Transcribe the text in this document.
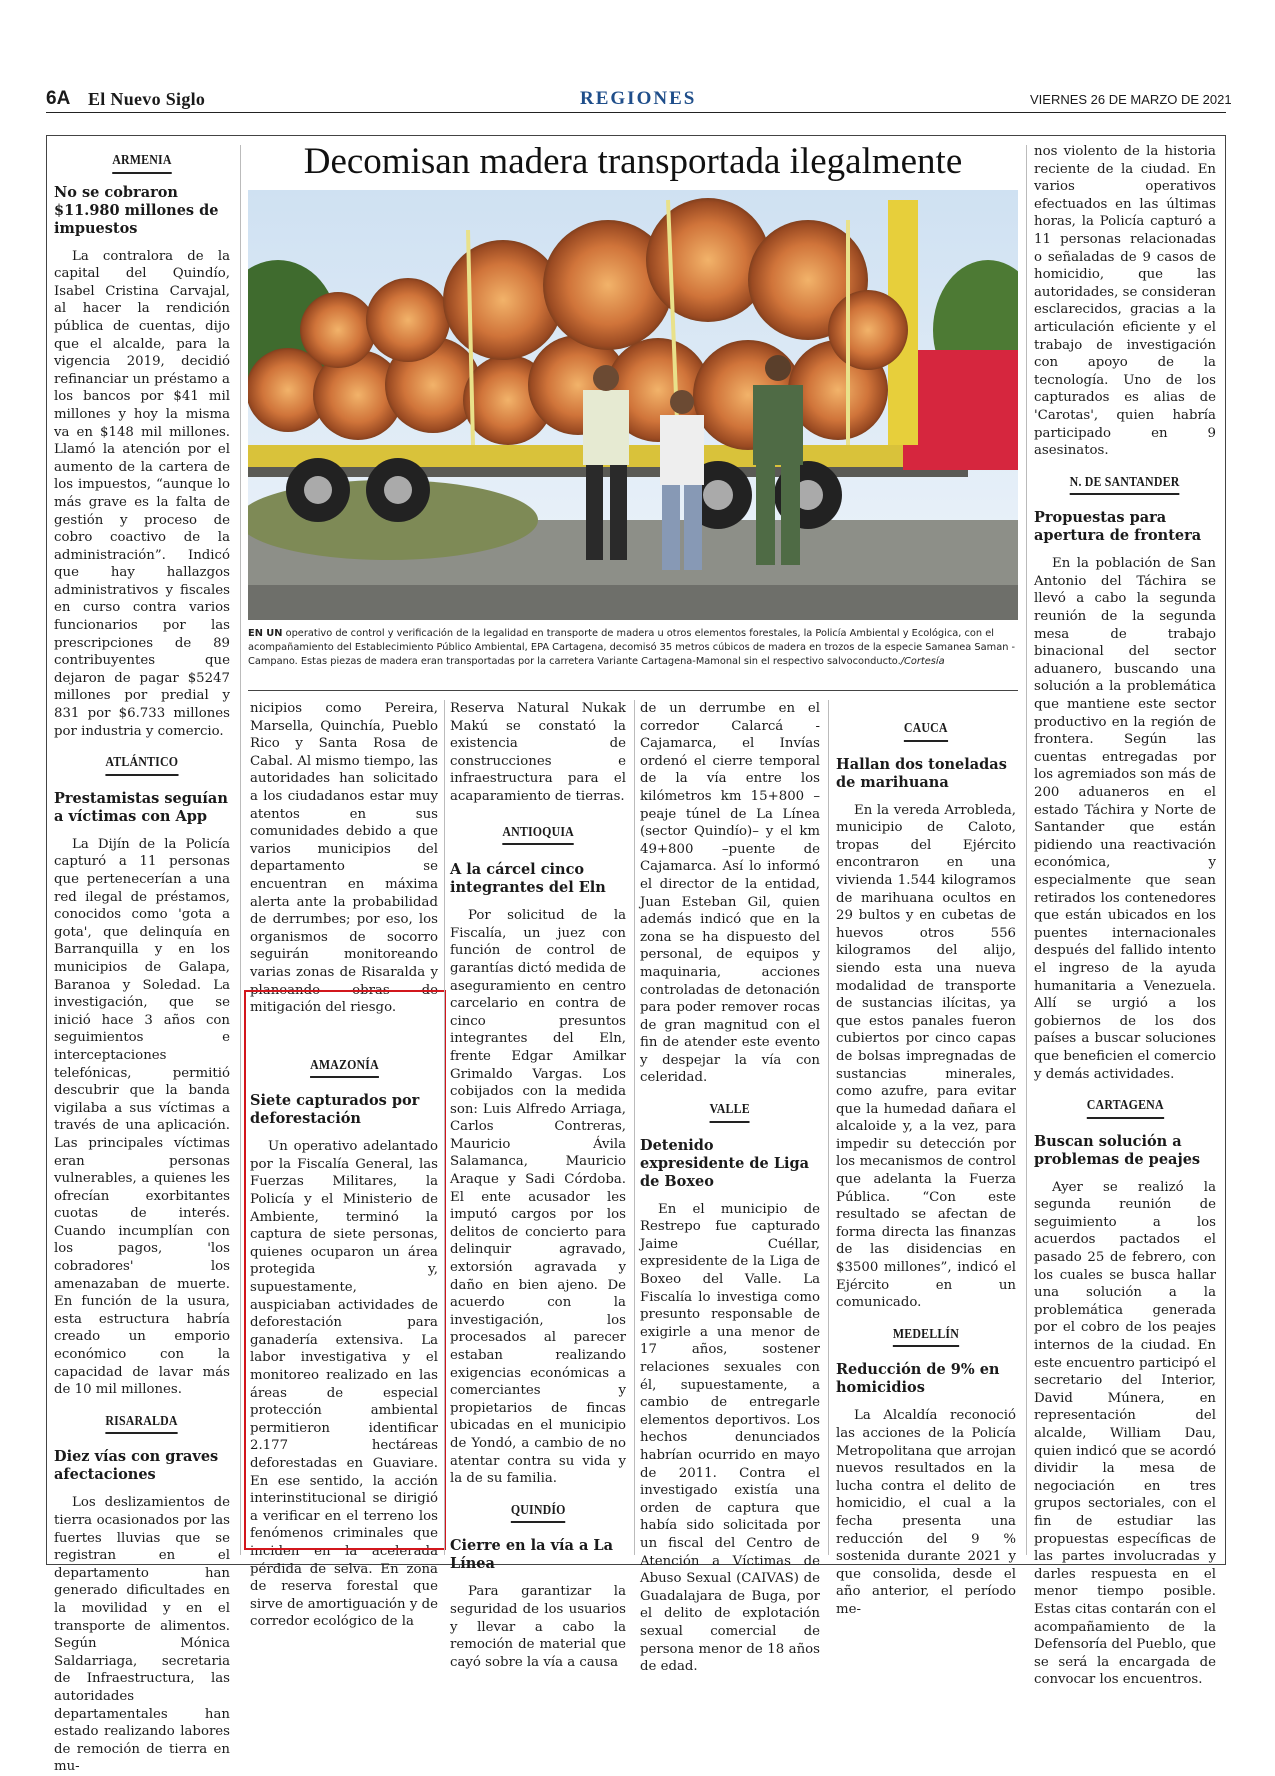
6A El Nuevo Siglo	REGIONES	VIERNES 26 DE MARZO DE 2021
ARMENIA
No se cobraron $11.980 millones de impuestos

La contralora de la capital del Quindío, Isabel Cristina Carvajal, al hacer la rendición pública de cuentas, dijo que el alcalde, para la vigencia 2019, decidió refinanciar un préstamo a los bancos por $41 mil millones y hoy la misma va en $148 mil millones. Llamó la atención por el aumento de la cartera de los impuestos, “aunque lo más grave es la falta de gestión y proceso de cobro coactivo de la administración”. Indicó que hay hallazgos administrativos y fiscales en curso contra varios funcionarios por las prescripciones de 89 contribuyentes que dejaron de pagar $5247 millones por predial y 831 por $6.733 millones por industria y comercio.

ATLÁNTICO
Prestamistas seguían a víctimas con App

La Dijín de la Policía capturó a 11 personas que pertenecerían a una red ilegal de préstamos, conocidos como 'gota a gota', que delinquía en Barranquilla y en los municipios de Galapa, Baranoa y Soledad. La investigación, que se inició hace 3 años con seguimientos e interceptaciones telefónicas, permitió descubrir que la banda vigilaba a sus víctimas a través de una aplicación. Las principales víctimas eran personas vulnerables, a quienes les ofrecían exorbitantes cuotas de interés. Cuando incumplían con los pagos, 'los cobradores' los amenazaban de muerte. En función de la usura, esta estructura habría creado un emporio económico con la capacidad de lavar más de 10 mil millones.

RISARALDA
Diez vías con graves afectaciones

Los deslizamientos de tierra ocasionados por las fuertes lluvias que se registran en el departamento han generado dificultades en la movilidad y en el transporte de alimentos. Según Mónica Saldarriaga, secretaria de Infraestructura, las autoridades departamentales han estado realizando labores de remoción de tierra en mu-

Decomisan madera transportada ilegalmente
EN UN operativo de control y verificación de la legalidad en transporte de madera u otros elementos forestales, la Policía Ambiental y Ecológica, con el acompañamiento del Establecimiento Público Ambiental, EPA Cartagena, decomisó 35 metros cúbicos de madera en trozos de la especie Samanea Saman - Campano. Estas piezas de madera eran transportadas por la carretera Variante Cartagena-Mamonal sin el respectivo salvoconducto./Cortesía

nicipios como Pereira, Marsella, Quinchía, Pueblo Rico y Santa Rosa de Cabal. Al mismo tiempo, las autoridades han solicitado a los ciudadanos estar muy atentos en sus comunidades debido a que varios municipios del departamento se encuentran en máxima alerta ante la probabilidad de derrumbes; por eso, los organismos de socorro seguirán monitoreando varias zonas de Risaralda y planeando obras de mitigación del riesgo.

AMAZONÍA
Siete capturados por deforestación

Un operativo adelantado por la Fiscalía General, las Fuerzas Militares, la Policía y el Ministerio de Ambiente, terminó la captura de siete personas, quienes ocuparon un área protegida y, supuestamente, auspiciaban actividades de deforestación para ganadería extensiva. La labor investigativa y el monitoreo realizado en las áreas de especial protección ambiental permitieron identificar 2.177 hectáreas deforestadas en Guaviare. En ese sentido, la acción interinstitucional se dirigió a verificar en el terreno los fenómenos criminales que inciden en la acelerada pérdida de selva. En zona de reserva forestal que sirve de amortiguación y de corredor ecológico de la

Reserva Natural Nukak Makú se constató la existencia de construcciones e infraestructura para el acaparamiento de tierras.

ANTIOQUIA
A la cárcel cinco integrantes del Eln

Por solicitud de la Fiscalía, un juez con función de control de garantías dictó medida de aseguramiento en centro carcelario en contra de cinco presuntos integrantes del Eln, frente Edgar Amilkar Grimaldo Vargas. Los cobijados con la medida son: Luis Alfredo Arriaga, Carlos Contreras, Mauricio Ávila Salamanca, Mauricio Araque y Sadi Córdoba. El ente acusador les imputó cargos por los delitos de concierto para delinquir agravado, extorsión agravada y daño en bien ajeno. De acuerdo con la investigación, los procesados al parecer estaban realizando exigencias económicas a comerciantes y propietarios de fincas ubicadas en el municipio de Yondó, a cambio de no atentar contra su vida y la de su familia.

QUINDÍO
Cierre en la vía a La Línea

Para garantizar la seguridad de los usuarios y llevar a cabo la remoción de material que cayó sobre la vía a causa

de un derrumbe en el corredor Calarcá - Cajamarca, el Invías ordenó el cierre temporal de la vía entre los kilómetros km 15+800 –peaje túnel de La Línea (sector Quindío)– y el km 49+800 –puente de Cajamarca. Así lo informó el director de la entidad, Juan Esteban Gil, quien además indicó que en la zona se ha dispuesto del personal, de equipos y maquinaria, acciones controladas de detonación para poder remover rocas de gran magnitud con el fin de atender este evento y despejar la vía con celeridad.

VALLE
Detenido expresidente de Liga de Boxeo

En el municipio de Restrepo fue capturado Jaime Cuéllar, expresidente de la Liga de Boxeo del Valle. La Fiscalía lo investiga como presunto responsable de exigirle a una menor de 17 años, sostener relaciones sexuales con él, supuestamente, a cambio de entregarle elementos deportivos. Los hechos denunciados habrían ocurrido en mayo de 2011. Contra el investigado existía una orden de captura que había sido solicitada por un fiscal del Centro de Atención a Víctimas de Abuso Sexual (CAIVAS) de Guadalajara de Buga, por el delito de explotación sexual comercial de persona menor de 18 años de edad.

CAUCA
Hallan dos toneladas de marihuana

En la vereda Arrobleda, municipio de Caloto, tropas del Ejército encontraron en una vivienda 1.544 kilogramos de marihuana ocultos en 29 bultos y en cubetas de huevos otros 556 kilogramos del alijo, siendo esta una nueva modalidad de transporte de sustancias ilícitas, ya que estos panales fueron cubiertos por cinco capas de bolsas impregnadas de sustancias minerales, como azufre, para evitar que la humedad dañara el alcaloide y, a la vez, para impedir su detección por los mecanismos de control que adelanta la Fuerza Pública. “Con este resultado se afectan de forma directa las finanzas de las disidencias en $3500 millones”, indicó el Ejército en un comunicado.

MEDELLÍN
Reducción de 9% en homicidios

La Alcaldía reconoció las acciones de la Policía Metropolitana que arrojan nuevos resultados en la lucha contra el delito de homicidio, el cual a la fecha presenta una reducción del 9 % sostenida durante 2021 y que consolida, desde el año anterior, el período me-

nos violento de la historia reciente de la ciudad. En varios operativos efectuados en las últimas horas, la Policía capturó a 11 personas relacionadas o señaladas de 9 casos de homicidio, que las autoridades, se consideran esclarecidos, gracias a la articulación eficiente y el trabajo de investigación con apoyo de la tecnología. Uno de los capturados es alias de 'Carotas', quien habría participado en 9 asesinatos.

N. DE SANTANDER
Propuestas para apertura de frontera

En la población de San Antonio del Táchira se llevó a cabo la segunda reunión de la segunda mesa de trabajo binacional del sector aduanero, buscando una solución a la problemática que mantiene este sector productivo en la región de frontera. Según las cuentas entregadas por los agremiados son más de 200 aduaneros en el estado Táchira y Norte de Santander que están pidiendo una reactivación económica, y especialmente que sean retirados los contenedores que están ubicados en los puentes internacionales después del fallido intento el ingreso de la ayuda humanitaria a Venezuela. Allí se urgió a los gobiernos de los dos países a buscar soluciones que beneficien el comercio y demás actividades.

CARTAGENA
Buscan solución a problemas de peajes

Ayer se realizó la segunda reunión de seguimiento a los acuerdos pactados el pasado 25 de febrero, con los cuales se busca hallar una solución a la problemática generada por el cobro de los peajes internos de la ciudad. En este encuentro participó el secretario del Interior, David Múnera, en representación del alcalde, William Dau, quien indicó que se acordó dividir la mesa de negociación en tres grupos sectoriales, con el fin de estudiar las propuestas específicas de las partes involucradas y darles respuesta en el menor tiempo posible. Estas citas contarán con el acompañamiento de la Defensoría del Pueblo, que se será la encargada de convocar los encuentros.
